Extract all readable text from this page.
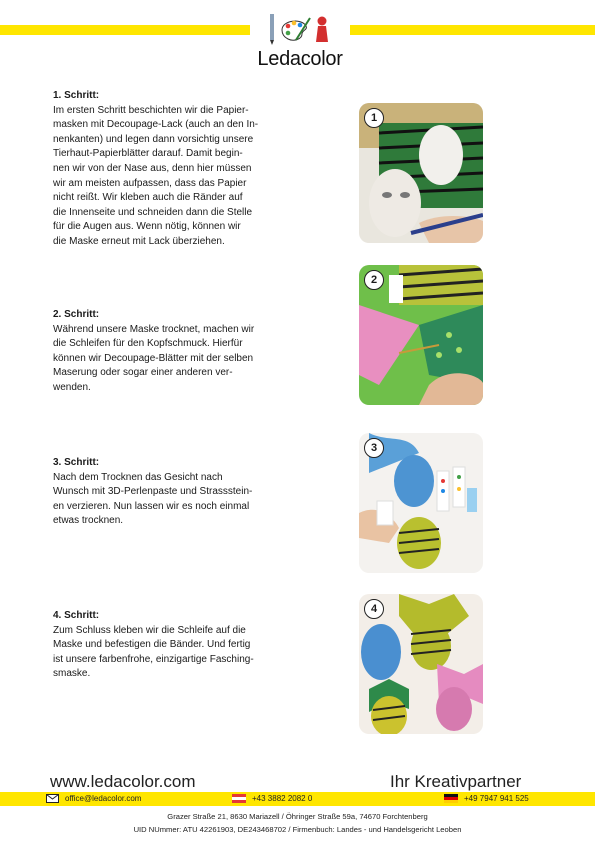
Ledacolor
1. Schritt:
Im ersten Schritt beschichten wir die Papier-
masken mit Decoupage-Lack (auch an den In-
nenkanten) und legen dann vorsichtig unsere
Tierhaut-Papierblätter darauf. Damit begin-
nen wir von der Nase aus, denn hier müssen
wir am meisten aufpassen, dass das Papier
nicht reißt. Wir kleben auch die Ränder auf
die Innenseite und schneiden dann die Stelle
für die Augen aus. Wenn nötig, können wir
die Maske erneut mit Lack überziehen.
1
2. Schritt:
Während unsere Maske trocknet, machen wir
die Schleifen für den Kopfschmuck. Hierfür
können wir Decoupage-Blätter mit der selben
Maserung oder sogar einer anderen ver-
wenden.
2
3. Schritt:
Nach dem Trocknen das Gesicht nach
Wunsch mit 3D-Perlenpaste und Strassstein-
en verzieren. Nun lassen wir es noch einmal
etwas trocknen.
3
4. Schritt:
Zum Schluss kleben wir die Schleife auf die
Maske und befestigen die Bänder. Und fertig
ist unsere farbenfrohe, einzigartige Fasching-
smaske.
4
www.ledacolor.com	Ihr Kreativpartner
office@ledacolor.com	+43 3882 2082 0	+49 7947 941 525
Grazer Straße 21, 8630 Mariazell / Öhringer Straße 59a, 74670 Forchtenberg
UID NUmmer: ATU 42261903, DE243468702 / Firmenbuch: Landes - und Handelsgericht Leoben
